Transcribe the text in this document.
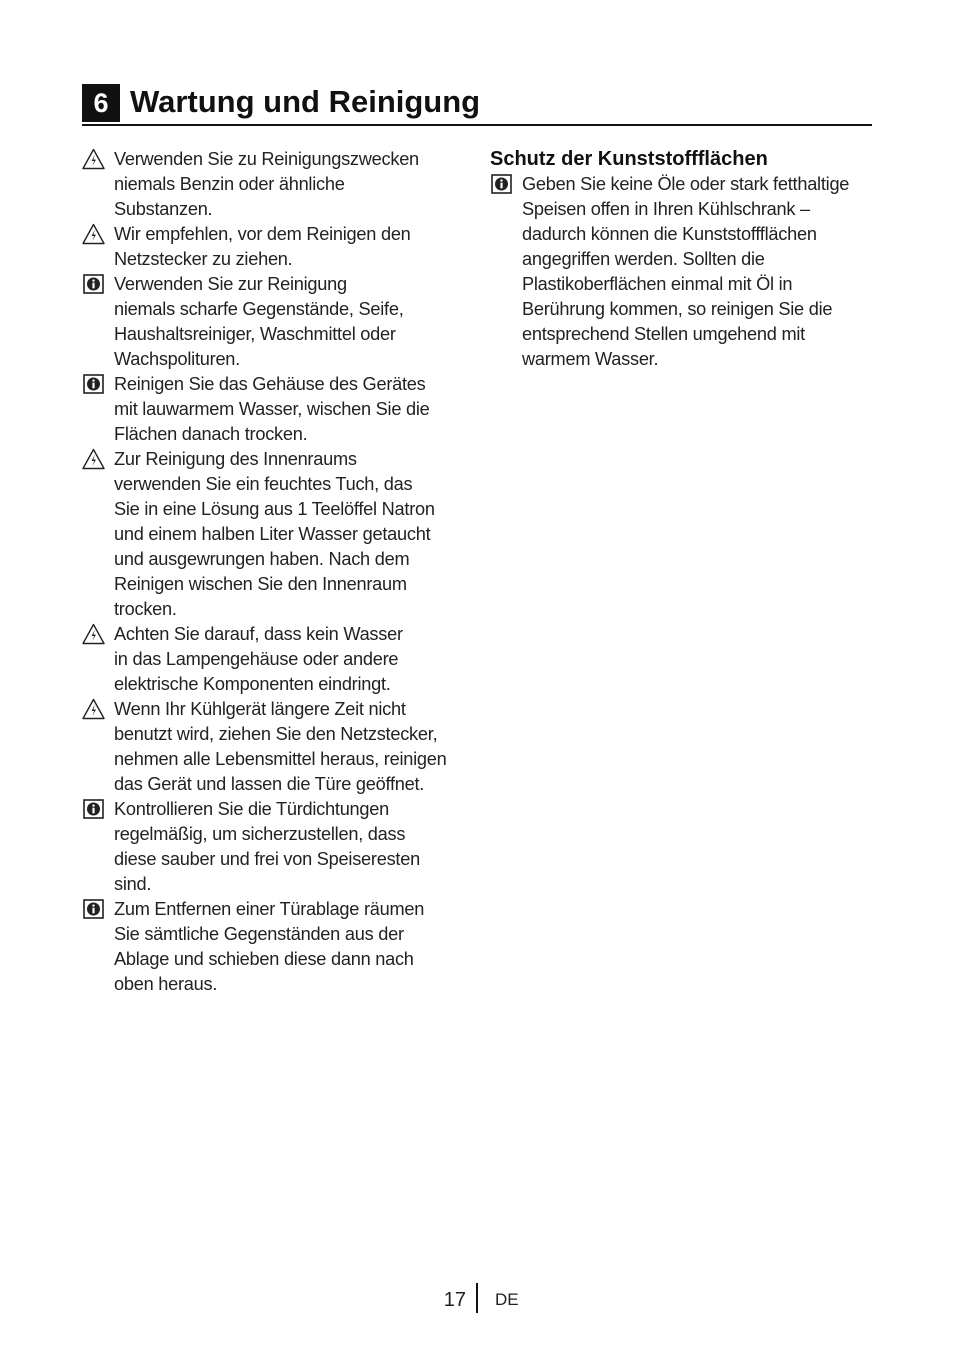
6 Wartung und Reinigung
Verwenden Sie zu Reinigungszwecken
niemals Benzin oder ähnliche
Substanzen.
Wir empfehlen, vor dem Reinigen den
Netzstecker zu ziehen.
Verwenden Sie zur Reinigung
niemals scharfe Gegenstände, Seife,
Haushaltsreiniger, Waschmittel oder
Wachspolituren.
Reinigen Sie das Gehäuse des Gerätes
mit lauwarmem Wasser, wischen Sie die
Flächen danach trocken.
Zur Reinigung des Innenraums
verwenden Sie ein feuchtes Tuch, das
Sie in eine Lösung aus 1 Teelöffel Natron
und einem halben Liter Wasser getaucht
und ausgewrungen haben. Nach dem
Reinigen wischen Sie den Innenraum
trocken.
Achten Sie darauf, dass kein Wasser
in das Lampengehäuse oder andere
elektrische Komponenten eindringt.
Wenn Ihr Kühlgerät längere Zeit nicht
benutzt wird, ziehen Sie den Netzstecker,
nehmen alle Lebensmittel heraus, reinigen
das Gerät und lassen die Türe geöffnet.
Kontrollieren Sie die Türdichtungen
regelmäßig, um sicherzustellen, dass
diese sauber und frei von Speiseresten
sind.
Zum Entfernen einer Türablage räumen
Sie sämtliche Gegenständen aus der
Ablage und schieben diese dann nach
oben heraus.
Schutz der Kunststoffflächen
Geben Sie keine Öle oder stark fetthaltige
Speisen offen in Ihren Kühlschrank –
dadurch können die Kunststoffflächen
angegriffen werden. Sollten die
Plastikoberflächen einmal mit Öl in
Berührung kommen, so reinigen Sie die
entsprechend Stellen umgehend mit
warmem Wasser.
17 DE
